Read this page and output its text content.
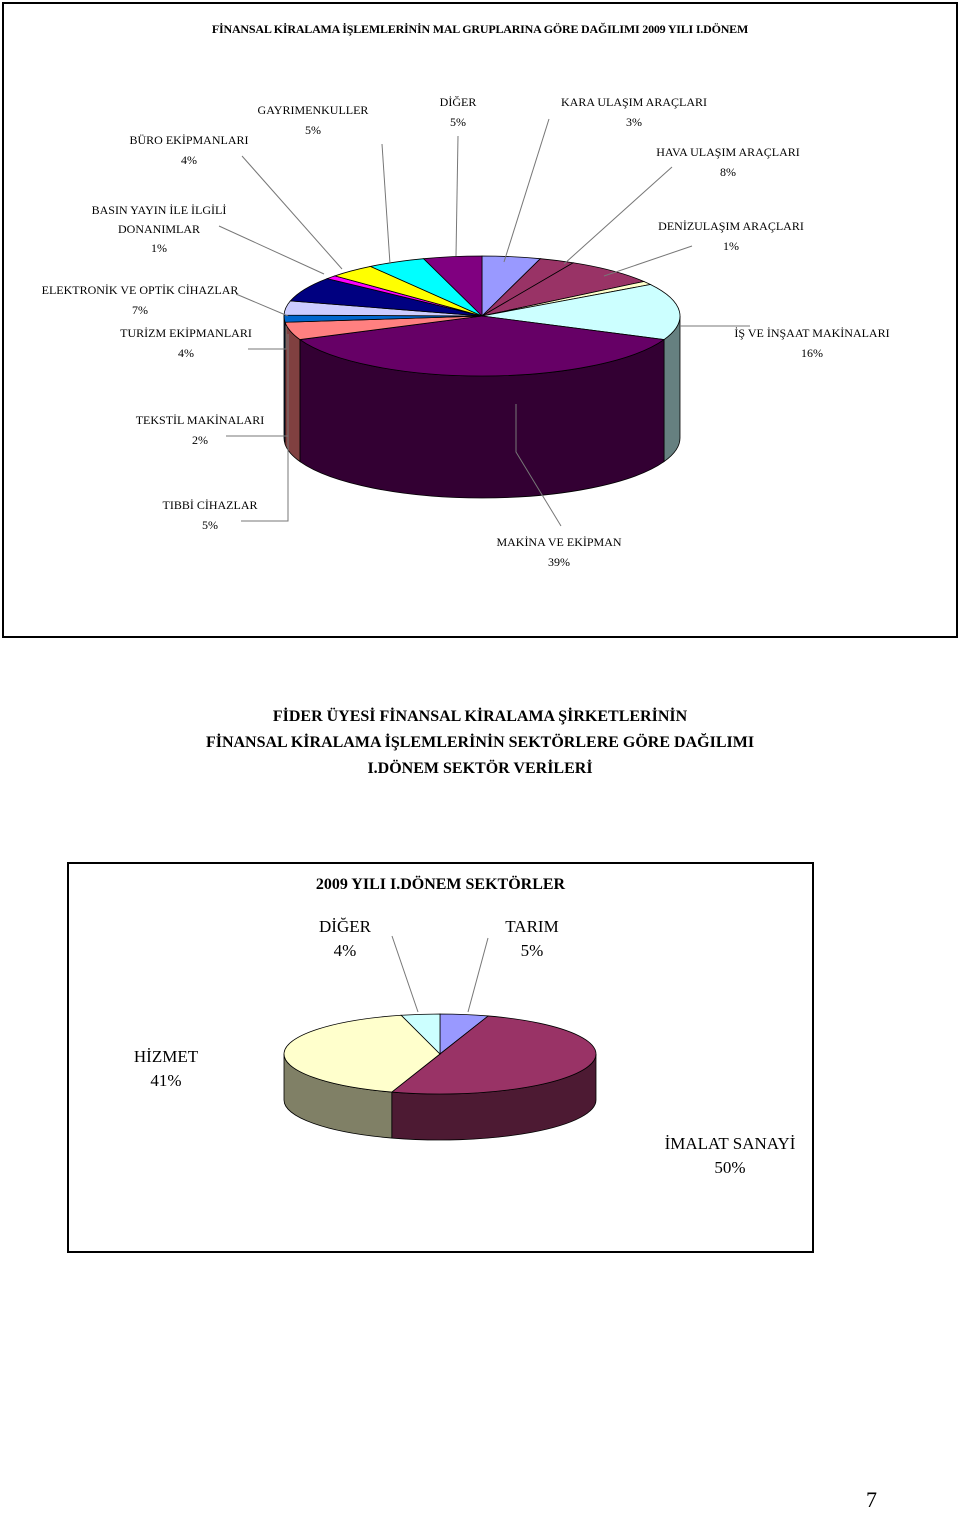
FİNANSAL KİRALAMA İŞLEMLERİNİN MAL GRUPLARINA GÖRE DAĞILIMI 2009 YILI I.DÖNEM
DİĞER
5%
KARA ULAŞIM ARAÇLARI
3%
HAVA ULAŞIM ARAÇLARI
8%
DENİZULAŞIM ARAÇLARI
1%
İŞ VE İNŞAAT MAKİNALARI
16%
MAKİNA VE EKİPMAN
39%
TIBBİ CİHAZLAR
5%
TEKSTİL MAKİNALARI
2%
TURİZM EKİPMANLARI
4%
ELEKTRONİK VE OPTİK CİHAZLAR
7%
BASIN YAYIN İLE İLGİLİ
DONANIMLAR
1%
BÜRO EKİPMANLARI
4%
GAYRIMENKULLER
5%
FİDER ÜYESİ FİNANSAL KİRALAMA ŞİRKETLERİNİN
FİNANSAL KİRALAMA İŞLEMLERİNİN SEKTÖRLERE GÖRE DAĞILIMI
I.DÖNEM SEKTÖR VERİLERİ
2009 YILI I.DÖNEM SEKTÖRLER
TARIM
5%
İMALAT SANAYİ
50%
HİZMET
41%
DİĞER
4%
7
